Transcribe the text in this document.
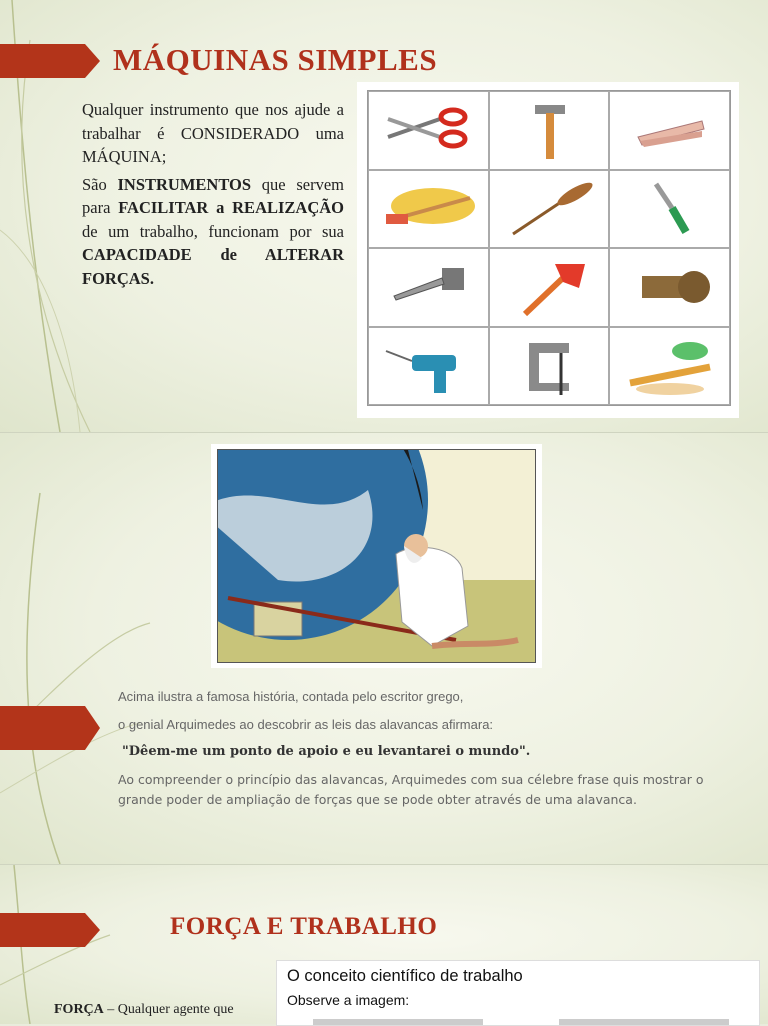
MÁQUINAS SIMPLES
Qualquer instrumento que nos ajude a trabalhar é CONSIDERADO uma MÁQUINA;
São INSTRUMENTOS que servem para FACILITAR a REALIZAÇÃO de um trabalho, funcionam por sua CAPACIDADE de ALTERAR FORÇAS.
Acima ilustra a famosa história, contada pelo escritor grego,
o genial Arquimedes ao descobrir as leis das alavancas afirmara:
"Dêem-me um ponto de apoio e eu levantarei o mundo".
Ao compreender o princípio das alavancas, Arquimedes com sua célebre frase quis mostrar o grande poder de ampliação de forças que se pode obter através de uma alavanca.
FORÇA E TRABALHO
O conceito científico de trabalho
Observe a imagem:
FORÇA – Qualquer agente que
